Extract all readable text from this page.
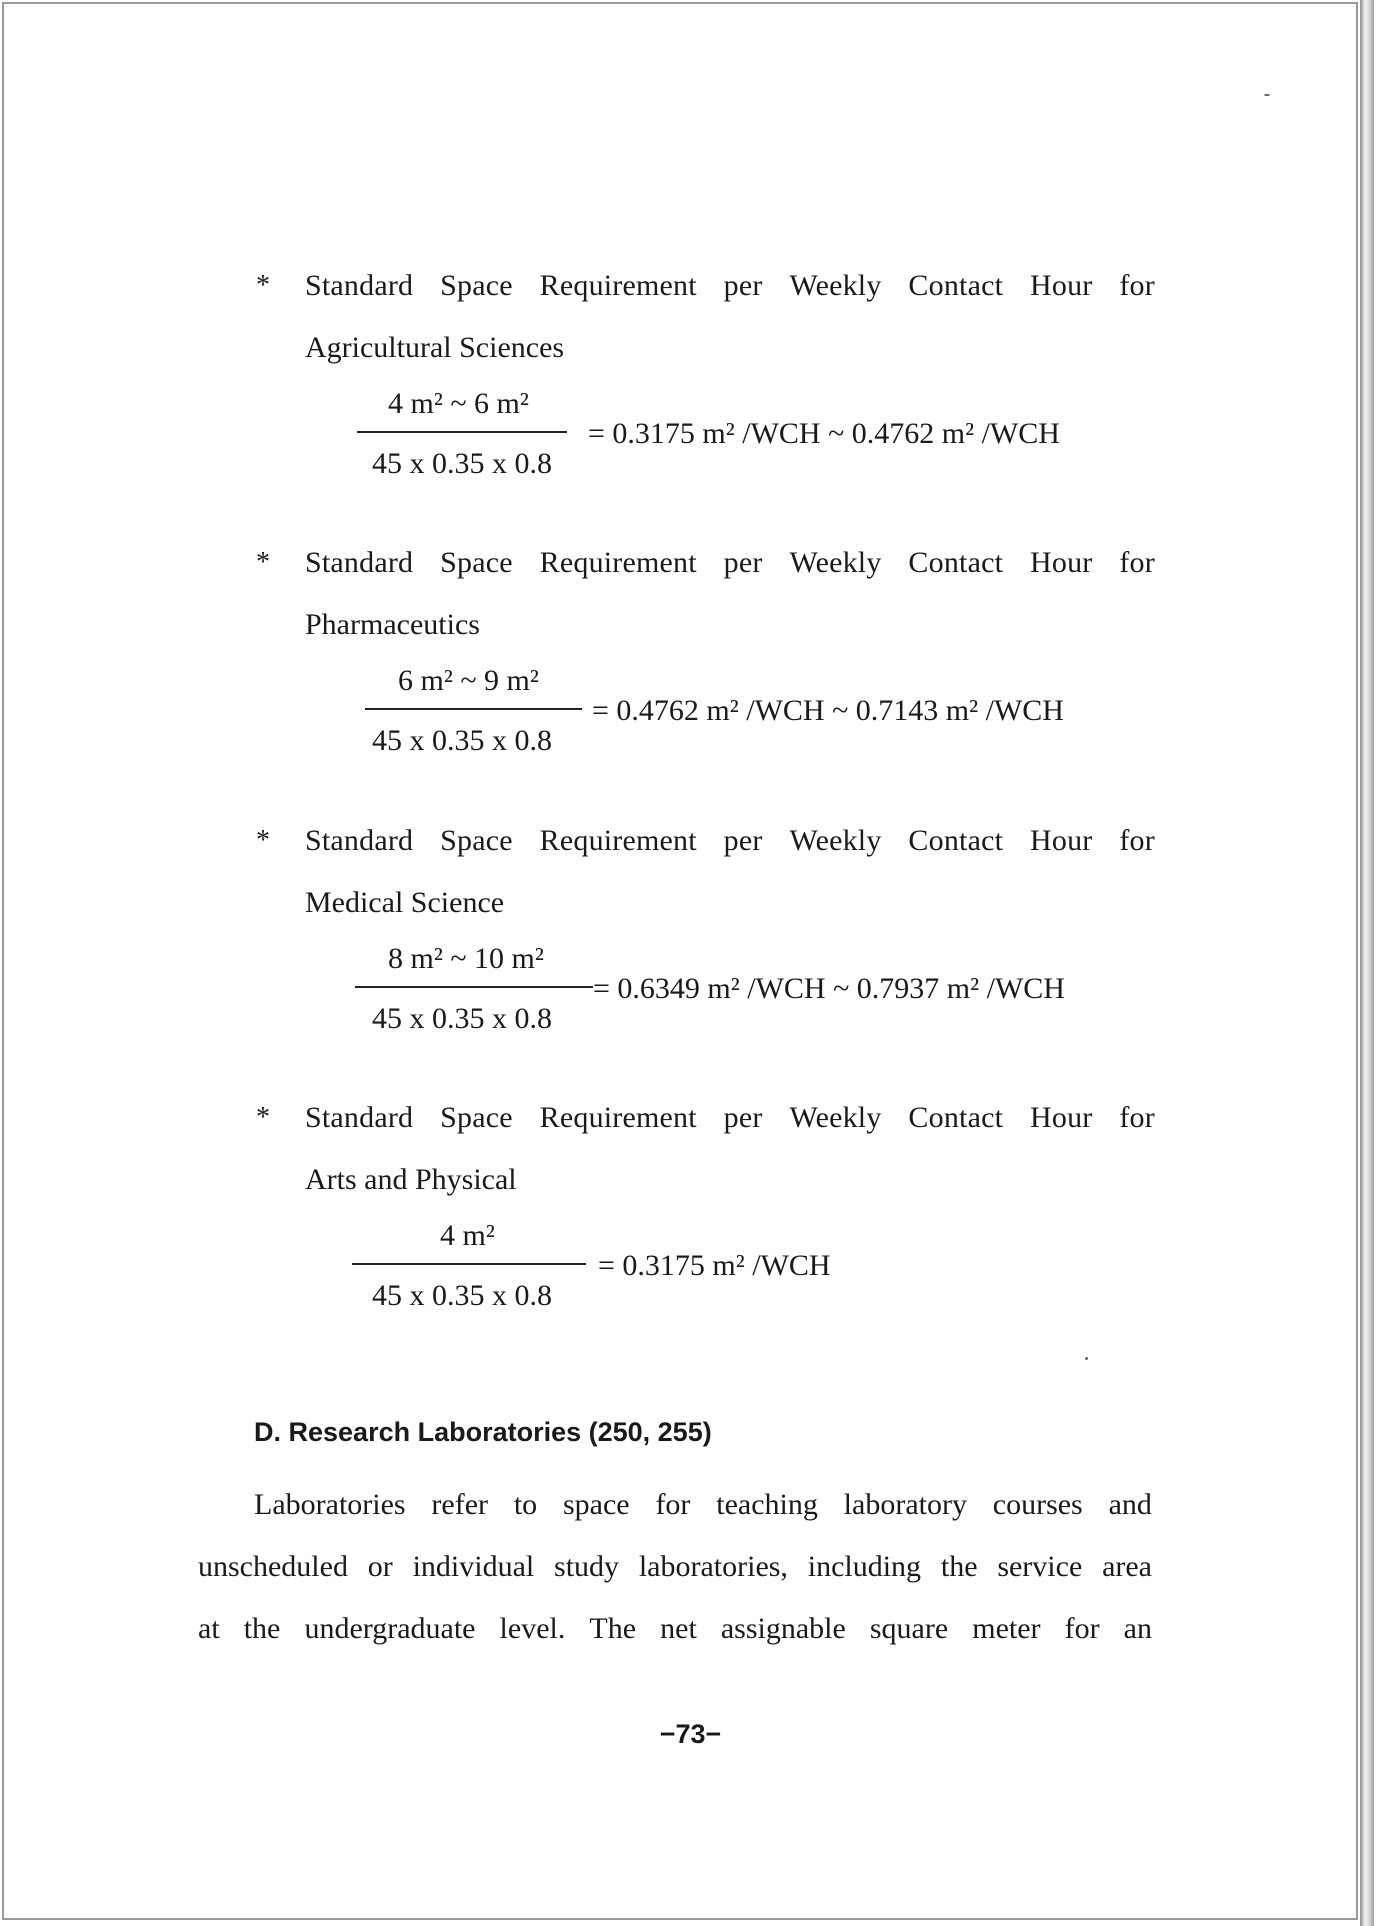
* Standard Space Requirement per Weekly Contact Hour for
Agricultural Sciences
4 m² ~ 6 m²
45 x 0.35 x 0.8
= 0.3175 m² /WCH ~ 0.4762 m² /WCH
* Standard Space Requirement per Weekly Contact Hour for
Pharmaceutics
6 m² ~ 9 m²
45 x 0.35 x 0.8
= 0.4762 m² /WCH ~ 0.7143 m² /WCH
* Standard Space Requirement per Weekly Contact Hour for
Medical Science
8 m² ~ 10 m²
45 x 0.35 x 0.8
= 0.6349 m² /WCH ~ 0.7937 m² /WCH
* Standard Space Requirement per Weekly Contact Hour for
Arts and Physical
4 m²
45 x 0.35 x 0.8
= 0.3175 m² /WCH
D. Research Laboratories (250, 255)
Laboratories refer to space for teaching laboratory courses and
unscheduled or individual study laboratories, including the service area
at the undergraduate level. The net assignable square meter for an
−73−
